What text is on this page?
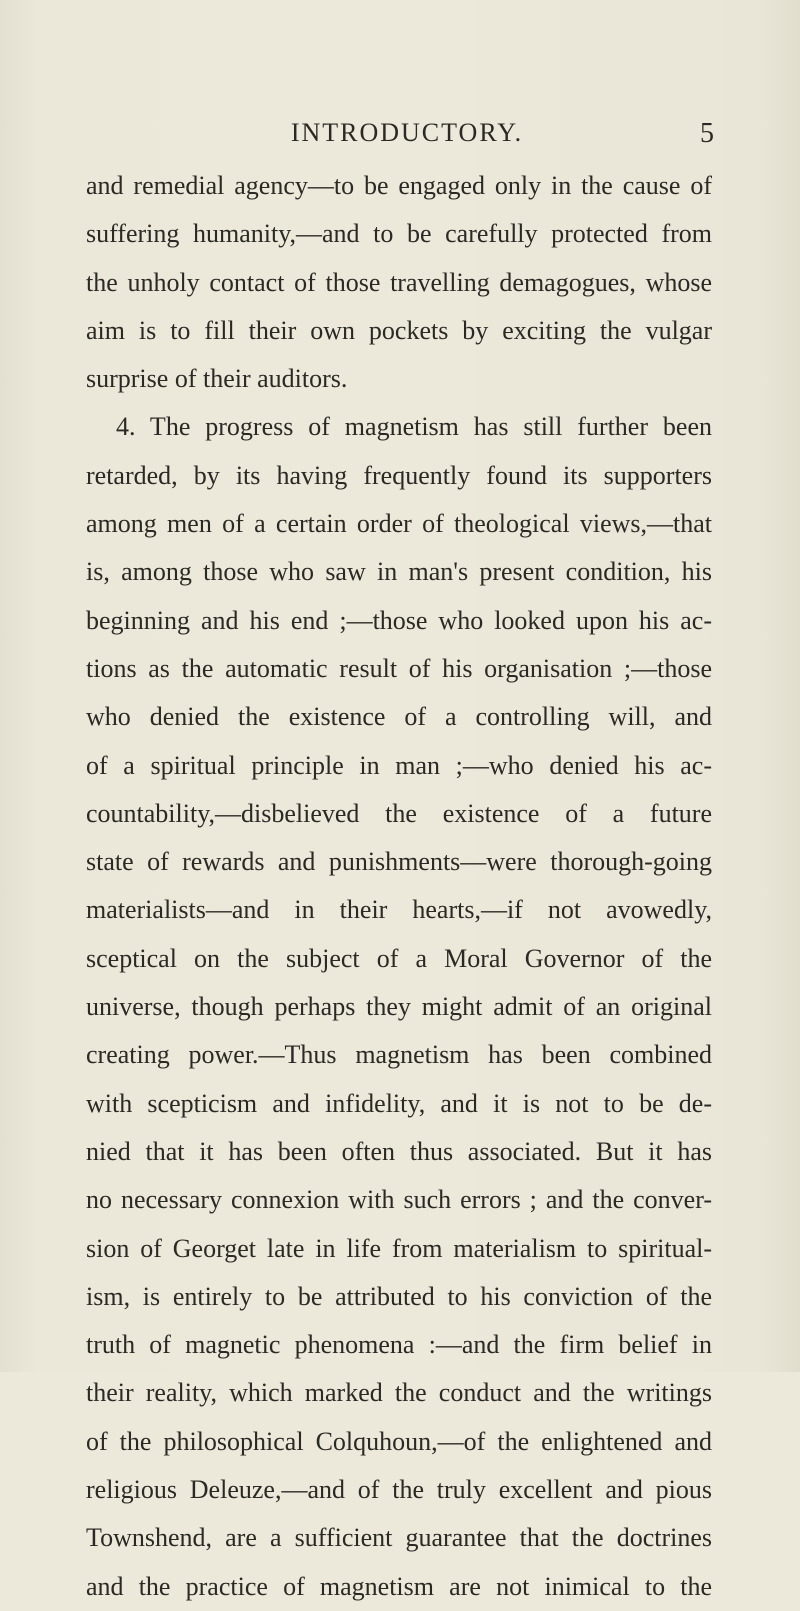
INTRODUCTORY.	5
and remedial agency—to be engaged only in the cause of
suffering humanity,—and to be carefully protected from
the unholy contact of those travelling demagogues, whose
aim is to fill their own pockets by exciting the vulgar
surprise of their auditors.
4. The progress of magnetism has still further been
retarded, by its having frequently found its supporters
among men of a certain order of theological views,—that
is, among those who saw in man's present condition, his
beginning and his end ;—those who looked upon his ac-
tions as the automatic result of his organisation ;—those
who denied the existence of a controlling will, and
of a spiritual principle in man ;—who denied his ac-
countability,—disbelieved the existence of a future
state of rewards and punishments—were thorough-going
materialists—and in their hearts,—if not avowedly,
sceptical on the subject of a Moral Governor of the
universe, though perhaps they might admit of an original
creating power.—Thus magnetism has been combined
with scepticism and infidelity, and it is not to be de-
nied that it has been often thus associated. But it has
no necessary connexion with such errors ; and the conver-
sion of Georget late in life from materialism to spiritual-
ism, is entirely to be attributed to his conviction of the
truth of magnetic phenomena :—and the firm belief in
their reality, which marked the conduct and the writings
of the philosophical Colquhoun,—of the enlightened and
religious Deleuze,—and of the truly excellent and pious
Townshend, are a sufficient guarantee that the doctrines
and the practice of magnetism are not inimical to the
